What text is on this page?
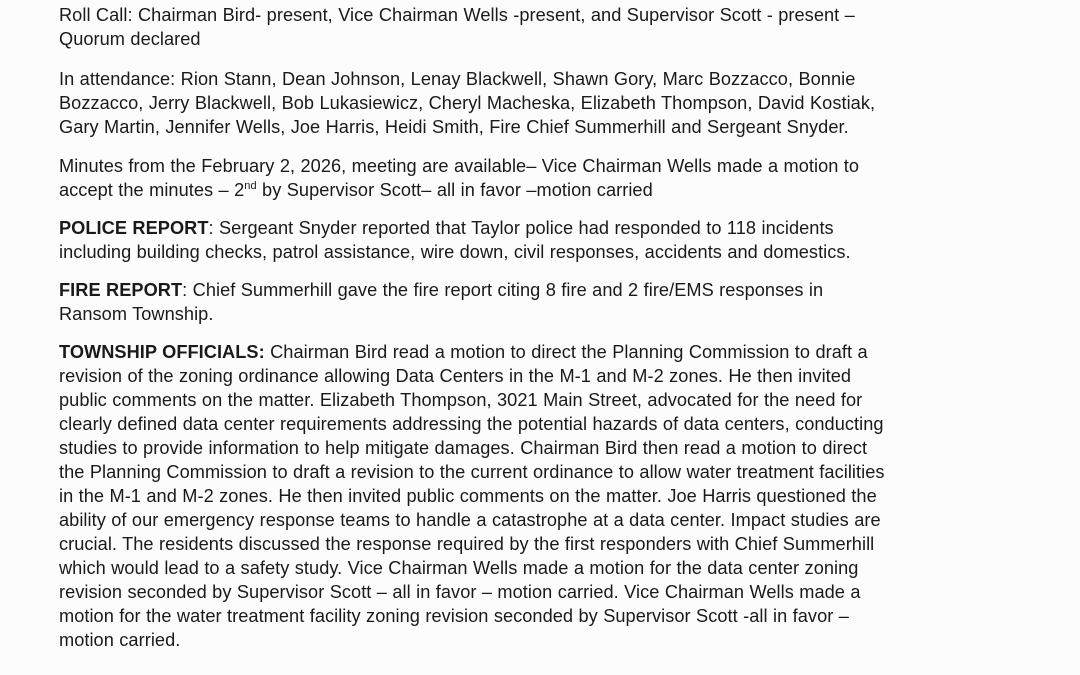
Roll Call: Chairman Bird- present, Vice Chairman Wells -present, and Supervisor Scott - present –
Quorum declared

In attendance: Rion Stann, Dean Johnson, Lenay Blackwell, Shawn Gory, Marc Bozzacco, Bonnie
Bozzacco, Jerry Blackwell, Bob Lukasiewicz, Cheryl Macheska, Elizabeth Thompson, David Kostiak,
Gary Martin, Jennifer Wells, Joe Harris, Heidi Smith, Fire Chief Summerhill and Sergeant Snyder.

Minutes from the February 2, 2026, meeting are available– Vice Chairman Wells made a motion to
accept the minutes – 2nd by Supervisor Scott– all in favor –motion carried

POLICE REPORT: Sergeant Snyder reported that Taylor police had responded to 118 incidents
including building checks, patrol assistance, wire down, civil responses, accidents and domestics.

FIRE REPORT: Chief Summerhill gave the fire report citing 8 fire and 2 fire/EMS responses in
Ransom Township.

TOWNSHIP OFFICIALS: Chairman Bird read a motion to direct the Planning Commission to draft a
revision of the zoning ordinance allowing Data Centers in the M-1 and M-2 zones. He then invited
public comments on the matter. Elizabeth Thompson, 3021 Main Street, advocated for the need for
clearly defined data center requirements addressing the potential hazards of data centers, conducting
studies to provide information to help mitigate damages. Chairman Bird then read a motion to direct
the Planning Commission to draft a revision to the current ordinance to allow water treatment facilities
in the M-1 and M-2 zones. He then invited public comments on the matter. Joe Harris questioned the
ability of our emergency response teams to handle a catastrophe at a data center. Impact studies are
crucial. The residents discussed the response required by the first responders with Chief Summerhill
which would lead to a safety study. Vice Chairman Wells made a motion for the data center zoning
revision seconded by Supervisor Scott – all in favor – motion carried. Vice Chairman Wells made a
motion for the water treatment facility zoning revision seconded by Supervisor Scott -all in favor –
motion carried.
